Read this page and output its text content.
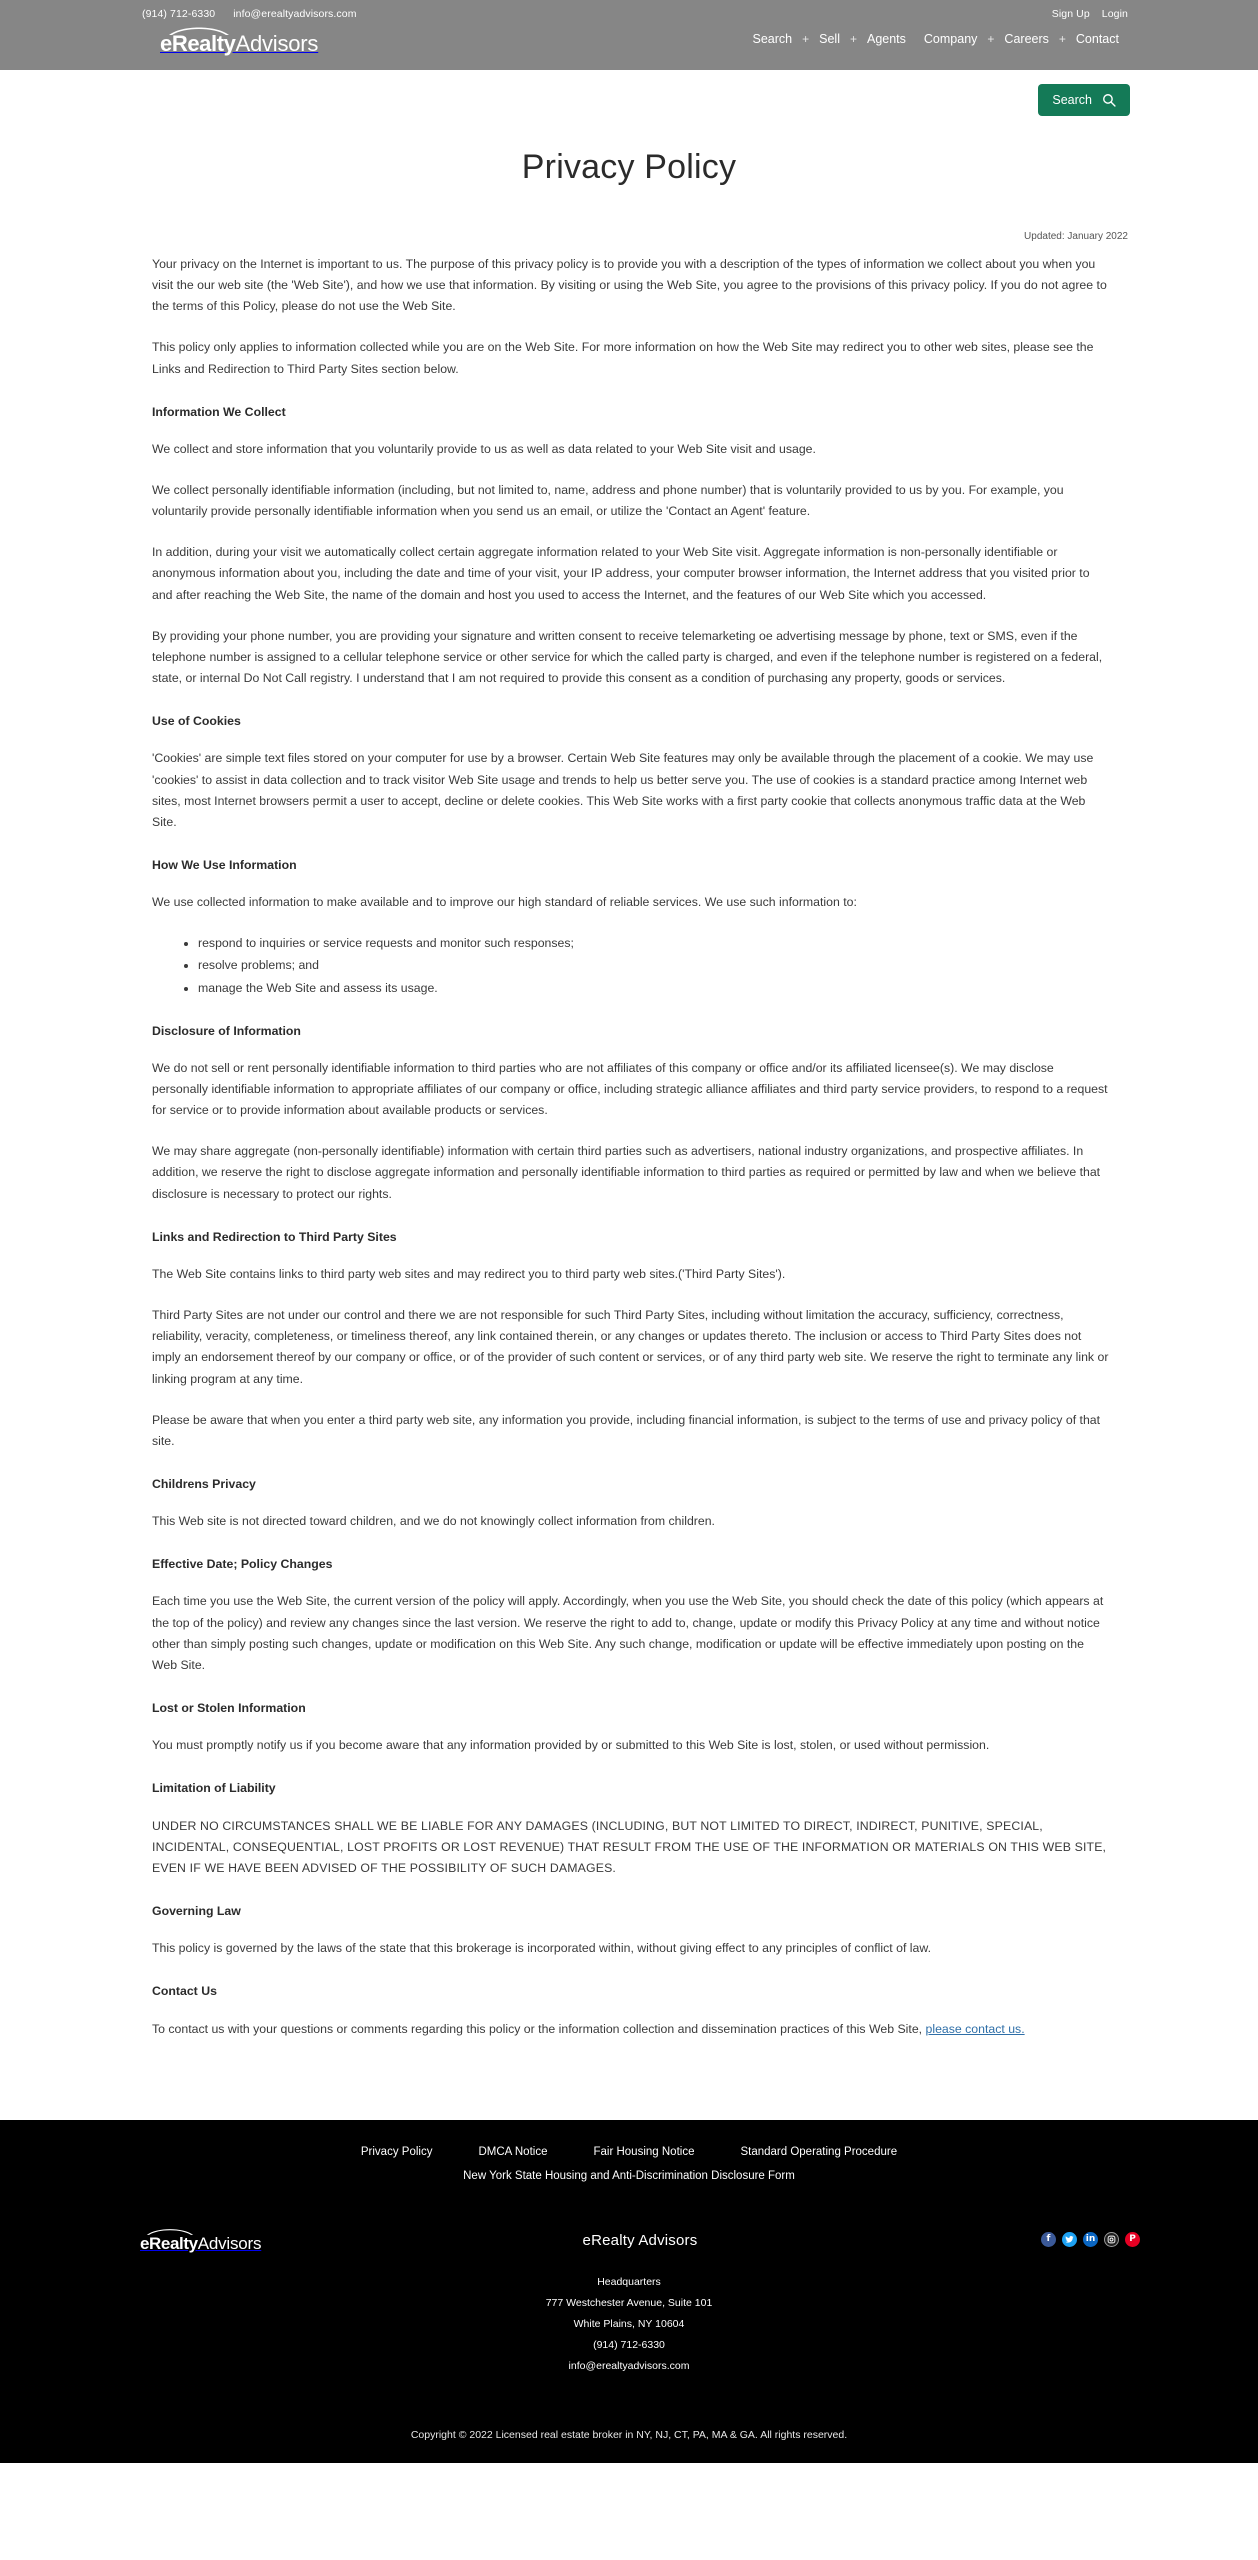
(914) 712-6330 info@erealtyadvisors.com	Sign Up Login
eRealtyAdvisors	Search + Sell + Agents	Company + Careers + Contact
Search
Privacy Policy
Updated: January 2022

Your privacy on the Internet is important to us. The purpose of this privacy policy is to provide you with a description of the types of information we collect about you when you visit the our web site (the 'Web Site'), and how we use that information. By visiting or using the Web Site, you agree to the provisions of this privacy policy. If you do not agree to the terms of this Policy, please do not use the Web Site.

This policy only applies to information collected while you are on the Web Site. For more information on how the Web Site may redirect you to other web sites, please see the Links and Redirection to Third Party Sites section below.

Information We Collect

We collect and store information that you voluntarily provide to us as well as data related to your Web Site visit and usage.

We collect personally identifiable information (including, but not limited to, name, address and phone number) that is voluntarily provided to us by you. For example, you voluntarily provide personally identifiable information when you send us an email, or utilize the 'Contact an Agent' feature.

In addition, during your visit we automatically collect certain aggregate information related to your Web Site visit. Aggregate information is non-personally identifiable or anonymous information about you, including the date and time of your visit, your IP address, your computer browser information, the Internet address that you visited prior to and after reaching the Web Site, the name of the domain and host you used to access the Internet, and the features of our Web Site which you accessed.

By providing your phone number, you are providing your signature and written consent to receive telemarketing oe advertising message by phone, text or SMS, even if the telephone number is assigned to a cellular telephone service or other service for which the called party is charged, and even if the telephone number is registered on a federal, state, or internal Do Not Call registry. I understand that I am not required to provide this consent as a condition of purchasing any property, goods or services.

Use of Cookies

'Cookies' are simple text files stored on your computer for use by a browser. Certain Web Site features may only be available through the placement of a cookie. We may use 'cookies' to assist in data collection and to track visitor Web Site usage and trends to help us better serve you. The use of cookies is a standard practice among Internet web sites, most Internet browsers permit a user to accept, decline or delete cookies. This Web Site works with a first party cookie that collects anonymous traffic data at the Web Site.

How We Use Information

We use collected information to make available and to improve our high standard of reliable services. We use such information to:

• respond to inquiries or service requests and monitor such responses;
• resolve problems; and
• manage the Web Site and assess its usage.
Disclosure of Information

We do not sell or rent personally identifiable information to third parties who are not affiliates of this company or office and/or its affiliated licensee(s). We may disclose personally identifiable information to appropriate affiliates of our company or office, including strategic alliance affiliates and third party service providers, to respond to a request for service or to provide information about available products or services.

We may share aggregate (non-personally identifiable) information with certain third parties such as advertisers, national industry organizations, and prospective affiliates. In addition, we reserve the right to disclose aggregate information and personally identifiable information to third parties as required or permitted by law and when we believe that disclosure is necessary to protect our rights.

Links and Redirection to Third Party Sites

The Web Site contains links to third party web sites and may redirect you to third party web sites.('Third Party Sites').

Third Party Sites are not under our control and there we are not responsible for such Third Party Sites, including without limitation the accuracy, sufficiency, correctness, reliability, veracity, completeness, or timeliness thereof, any link contained therein, or any changes or updates thereto. The inclusion or access to Third Party Sites does not imply an endorsement thereof by our company or office, or of the provider of such content or services, or of any third party web site. We reserve the right to terminate any link or linking program at any time.

Please be aware that when you enter a third party web site, any information you provide, including financial information, is subject to the terms of use and privacy policy of that site.

Childrens Privacy

This Web site is not directed toward children, and we do not knowingly collect information from children.

Effective Date; Policy Changes

Each time you use the Web Site, the current version of the policy will apply. Accordingly, when you use the Web Site, you should check the date of this policy (which appears at the top of the policy) and review any changes since the last version. We reserve the right to add to, change, update or modify this Privacy Policy at any time and without notice other than simply posting such changes, update or modification on this Web Site. Any such change, modification or update will be effective immediately upon posting on the Web Site.

Lost or Stolen Information

You must promptly notify us if you become aware that any information provided by or submitted to this Web Site is lost, stolen, or used without permission.

Limitation of Liability

UNDER NO CIRCUMSTANCES SHALL WE BE LIABLE FOR ANY DAMAGES (INCLUDING, BUT NOT LIMITED TO DIRECT, INDIRECT, PUNITIVE, SPECIAL, INCIDENTAL, CONSEQUENTIAL, LOST PROFITS OR LOST REVENUE) THAT RESULT FROM THE USE OF THE INFORMATION OR MATERIALS ON THIS WEB SITE, EVEN IF WE HAVE BEEN ADVISED OF THE POSSIBILITY OF SUCH DAMAGES.

Governing Law

This policy is governed by the laws of the state that this brokerage is incorporated within, without giving effect to any principles of conflict of law.

Contact Us

To contact us with your questions or comments regarding this policy or the information collection and dissemination practices of this Web Site, please contact us.

Privacy Policy	DMCA Notice	Fair Housing Notice	Standard Operating Procedure
New York State Housing and Anti-Discrimination Disclosure Form
eRealtyAdvisors	eRealty Advisors	f	in	P
Headquarters
777 Westchester Avenue, Suite 101
White Plains, NY 10604
(914) 712-6330
info@erealtyadvisors.com
Copyright © 2022 Licensed real estate broker in NY, NJ, CT, PA, MA & GA. All rights reserved.
